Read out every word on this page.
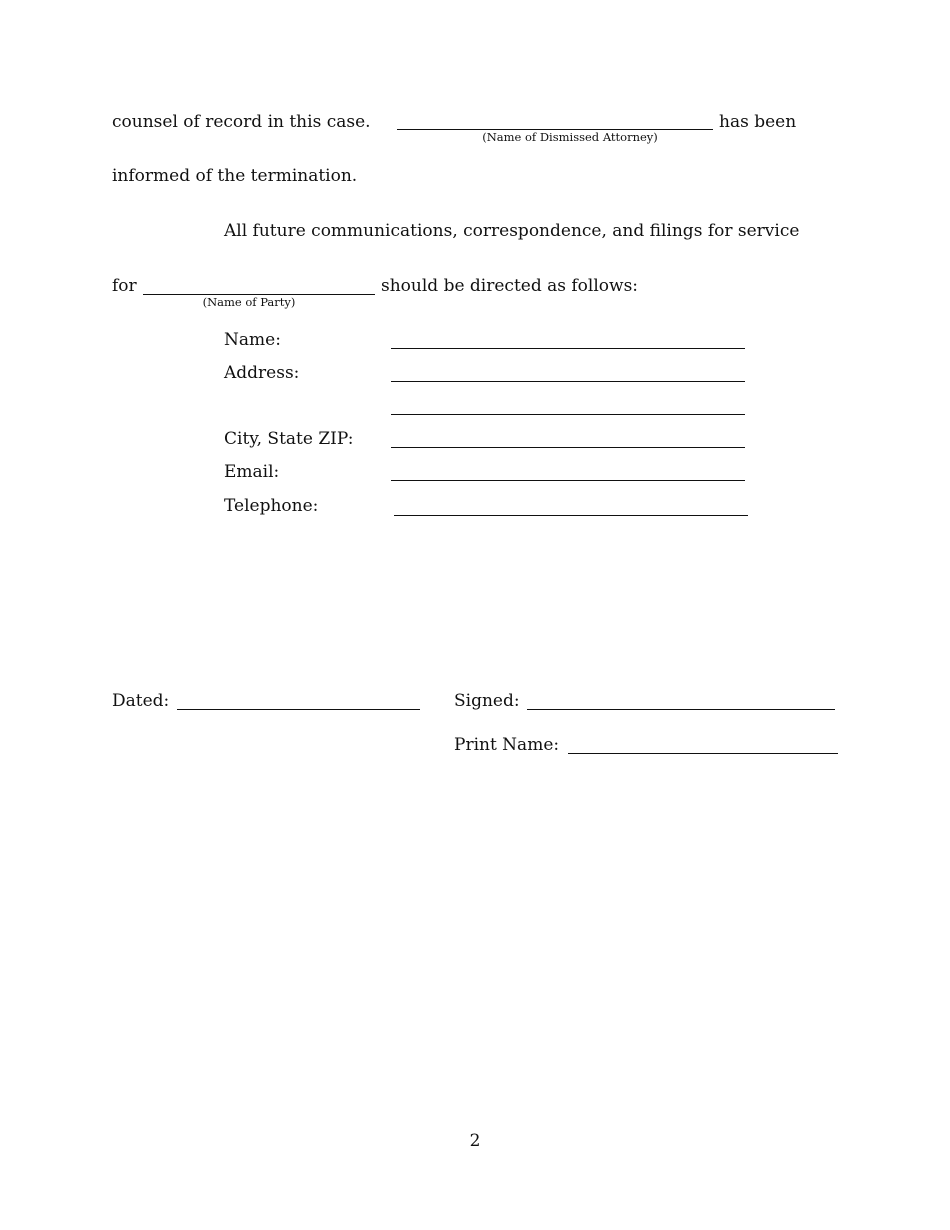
counsel of record in this case.
(Name of Dismissed Attorney)
has been
informed of the termination.
All future communications, correspondence, and filings for service
for
(Name of Party)
should be directed as follows:
Name:
Address:
City, State ZIP:
Email:
Telephone:
Dated:	Signed:
Print Name:
2
